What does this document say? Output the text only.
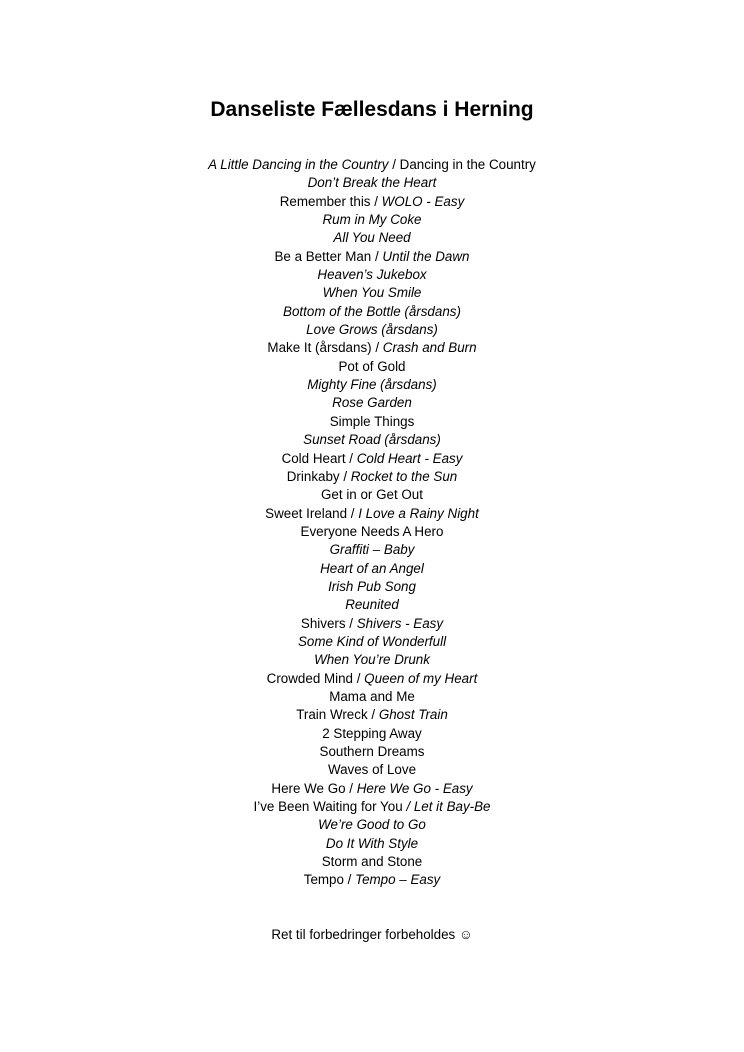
Danseliste Fællesdans i Herning
A Little Dancing in the Country / Dancing in the Country
Don’t Break the Heart
Remember this / WOLO - Easy
Rum in My Coke
All You Need
Be a Better Man / Until the Dawn
Heaven’s Jukebox
When You Smile
Bottom of the Bottle (årsdans)
Love Grows (årsdans)
Make It (årsdans) / Crash and Burn
Pot of Gold
Mighty Fine (årsdans)
Rose Garden
Simple Things
Sunset Road (årsdans)
Cold Heart / Cold Heart - Easy
Drinkaby / Rocket to the Sun
Get in or Get Out
Sweet Ireland / I Love a Rainy Night
Everyone Needs A Hero
Graffiti – Baby
Heart of an Angel
Irish Pub Song
Reunited
Shivers / Shivers - Easy
Some Kind of Wonderfull
When You’re Drunk
Crowded Mind / Queen of my Heart
Mama and Me
Train Wreck / Ghost Train
2 Stepping Away
Southern Dreams
Waves of Love
Here We Go / Here We Go - Easy
I’ve Been Waiting for You / Let it Bay-Be
We’re Good to Go
Do It With Style
Storm and Stone
Tempo / Tempo – Easy

Ret til forbedringer forbeholdes ☺
